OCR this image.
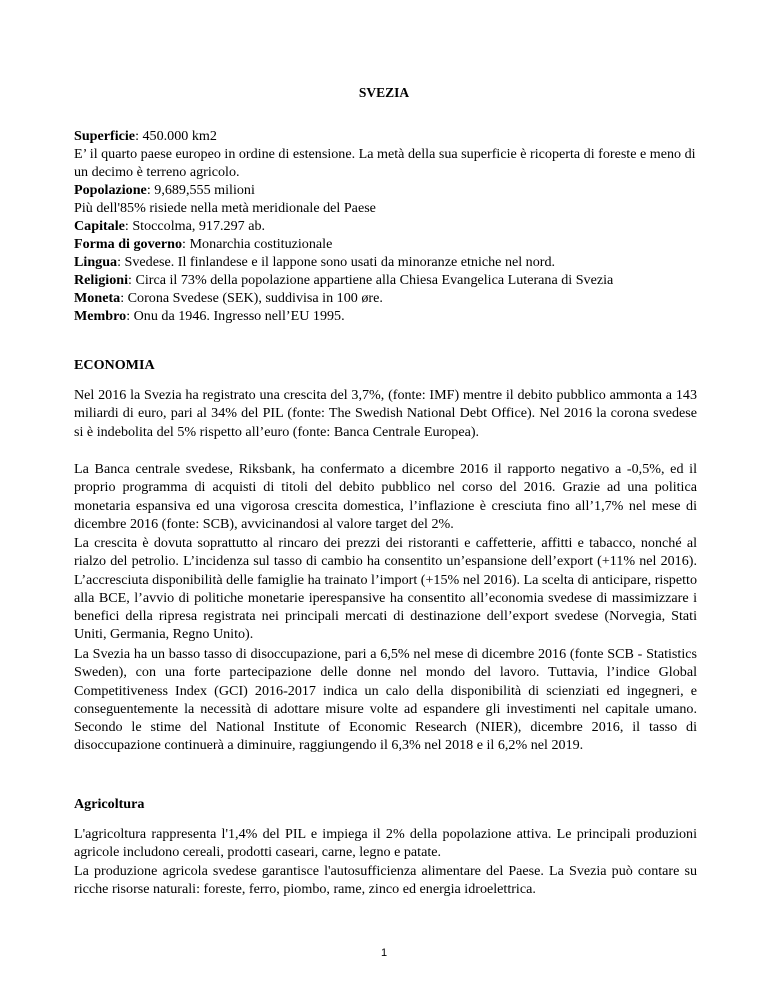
SVEZIA
Superficie: 450.000 km2
E’ il quarto paese europeo in ordine di estensione. La metà della sua superficie è ricoperta di foreste e meno di un decimo è terreno agricolo.
Popolazione: 9,689,555 milioni
Più dell'85% risiede nella metà meridionale del Paese
Capitale: Stoccolma, 917.297 ab.
Forma di governo: Monarchia costituzionale
Lingua: Svedese. Il finlandese e il lappone sono usati da minoranze etniche nel nord.
Religioni: Circa il 73% della popolazione appartiene alla Chiesa Evangelica Luterana di Svezia
Moneta: Corona Svedese (SEK), suddivisa in 100 øre.
Membro: Onu da 1946. Ingresso nell’EU 1995.
ECONOMIA

Nel 2016 la Svezia ha registrato una crescita del 3,7%, (fonte: IMF) mentre il debito pubblico ammonta a 143 miliardi di euro, pari al 34% del PIL (fonte: The Swedish National Debt Office). Nel 2016 la corona svedese si è indebolita del 5% rispetto all’euro (fonte: Banca Centrale Europea).

La Banca centrale svedese, Riksbank, ha confermato a dicembre 2016 il rapporto negativo a -0,5%, ed il proprio programma di acquisti di titoli del debito pubblico nel corso del 2016. Grazie ad una politica monetaria espansiva ed una vigorosa crescita domestica, l’inflazione è cresciuta fino all’1,7% nel mese di dicembre 2016 (fonte: SCB), avvicinandosi al valore target del 2%.

La crescita è dovuta soprattutto al rincaro dei prezzi dei ristoranti e caffetterie, affitti e tabacco, nonché al rialzo del petrolio. L’incidenza sul tasso di cambio ha consentito un’espansione dell’export (+11% nel 2016). L’accresciuta disponibilità delle famiglie ha trainato l’import (+15% nel 2016). La scelta di anticipare, rispetto alla BCE, l’avvio di politiche monetarie iperespansive ha consentito all’economia svedese di massimizzare i benefici della ripresa registrata nei principali mercati di destinazione dell’export svedese (Norvegia, Stati Uniti, Germania, Regno Unito).

La Svezia ha un basso tasso di disoccupazione, pari a 6,5% nel mese di dicembre 2016 (fonte SCB - Statistics Sweden), con una forte partecipazione delle donne nel mondo del lavoro. Tuttavia, l’indice Global Competitiveness Index (GCI) 2016-2017 indica un calo della disponibilità di scienziati ed ingegneri, e conseguentemente la necessità di adottare misure volte ad espandere gli investimenti nel capitale umano. Secondo le stime del National Institute of Economic Research (NIER), dicembre 2016, il tasso di disoccupazione continuerà a diminuire, raggiungendo il 6,3% nel 2018 e il 6,2% nel 2019.

Agricoltura

L'agricoltura rappresenta l'1,4% del PIL e impiega il 2% della popolazione attiva. Le principali produzioni agricole includono cereali, prodotti caseari, carne, legno e patate.

La produzione agricola svedese garantisce l'autosufficienza alimentare del Paese. La Svezia può contare su ricche risorse naturali: foreste, ferro, piombo, rame, zinco ed energia idroelettrica.

1
